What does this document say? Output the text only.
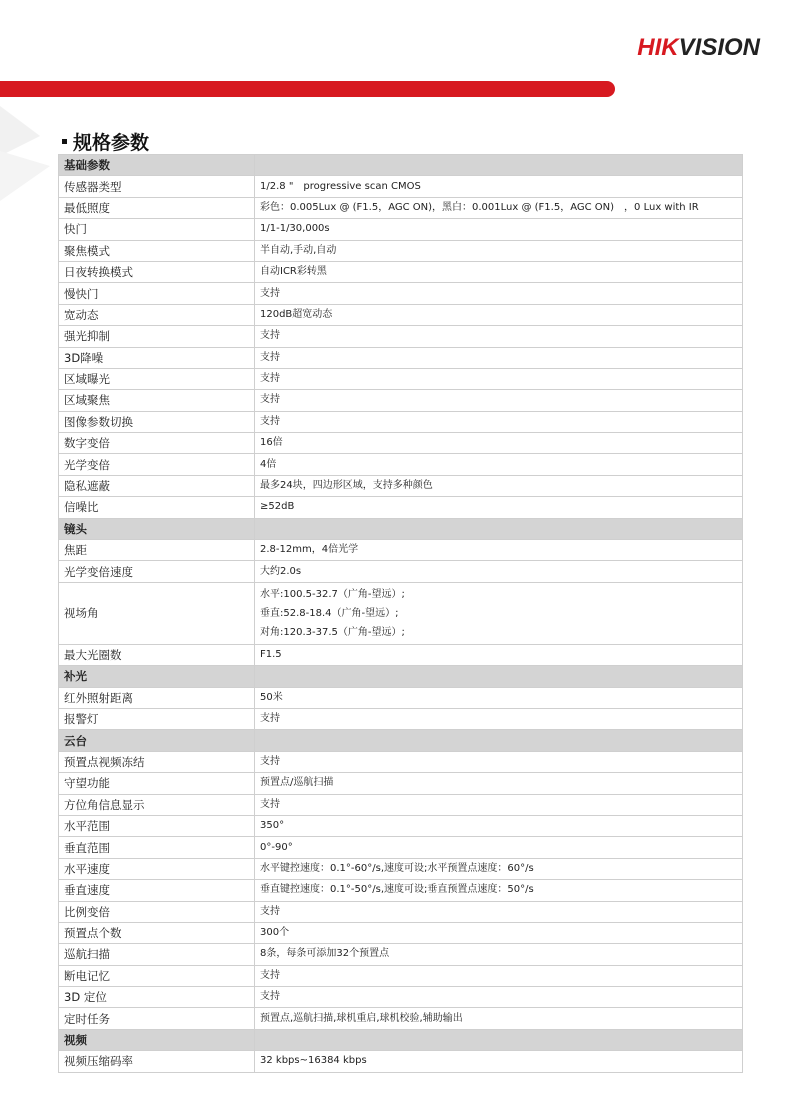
HIKVISION
规格参数
基础参数	
传感器类型	1/2.8 "　progressive scan CMOS
最低照度	彩色：0.005Lux @ (F1.5，AGC ON)，黑白：0.001Lux @ (F1.5，AGC ON)　，0 Lux with IR
快门	1/1-1/30,000s
聚焦模式	半自动,手动,自动
日夜转换模式	自动ICR彩转黑
慢快门	支持
宽动态	120dB超宽动态
强光抑制	支持
3D降噪	支持
区域曝光	支持
区域聚焦	支持
图像参数切换	支持
数字变倍	16倍
光学变倍	4倍
隐私遮蔽	最多24块，四边形区域，支持多种颜色
信噪比	≥52dB
镜头	
焦距	2.8-12mm，4倍光学
光学变倍速度	大约2.0s
视场角	水平:100.5-32.7（广角-望远）;
垂直:52.8-18.4（广角-望远）;
对角:120.3-37.5（广角-望远）;

最大光圈数	F1.5
补光	
红外照射距离	50米
报警灯	支持
云台	
预置点视频冻结	支持
守望功能	预置点/巡航扫描
方位角信息显示	支持
水平范围	350°
垂直范围	0°-90°
水平速度	水平键控速度：0.1°-60°/s,速度可设;水平预置点速度：60°/s
垂直速度	垂直键控速度：0.1°-50°/s,速度可设;垂直预置点速度：50°/s
比例变倍	支持
预置点个数	300个
巡航扫描	8条，每条可添加32个预置点
断电记忆	支持
3D 定位	支持
定时任务	预置点,巡航扫描,球机重启,球机校验,辅助输出
视频	
视频压缩码率	32 kbps~16384 kbps
